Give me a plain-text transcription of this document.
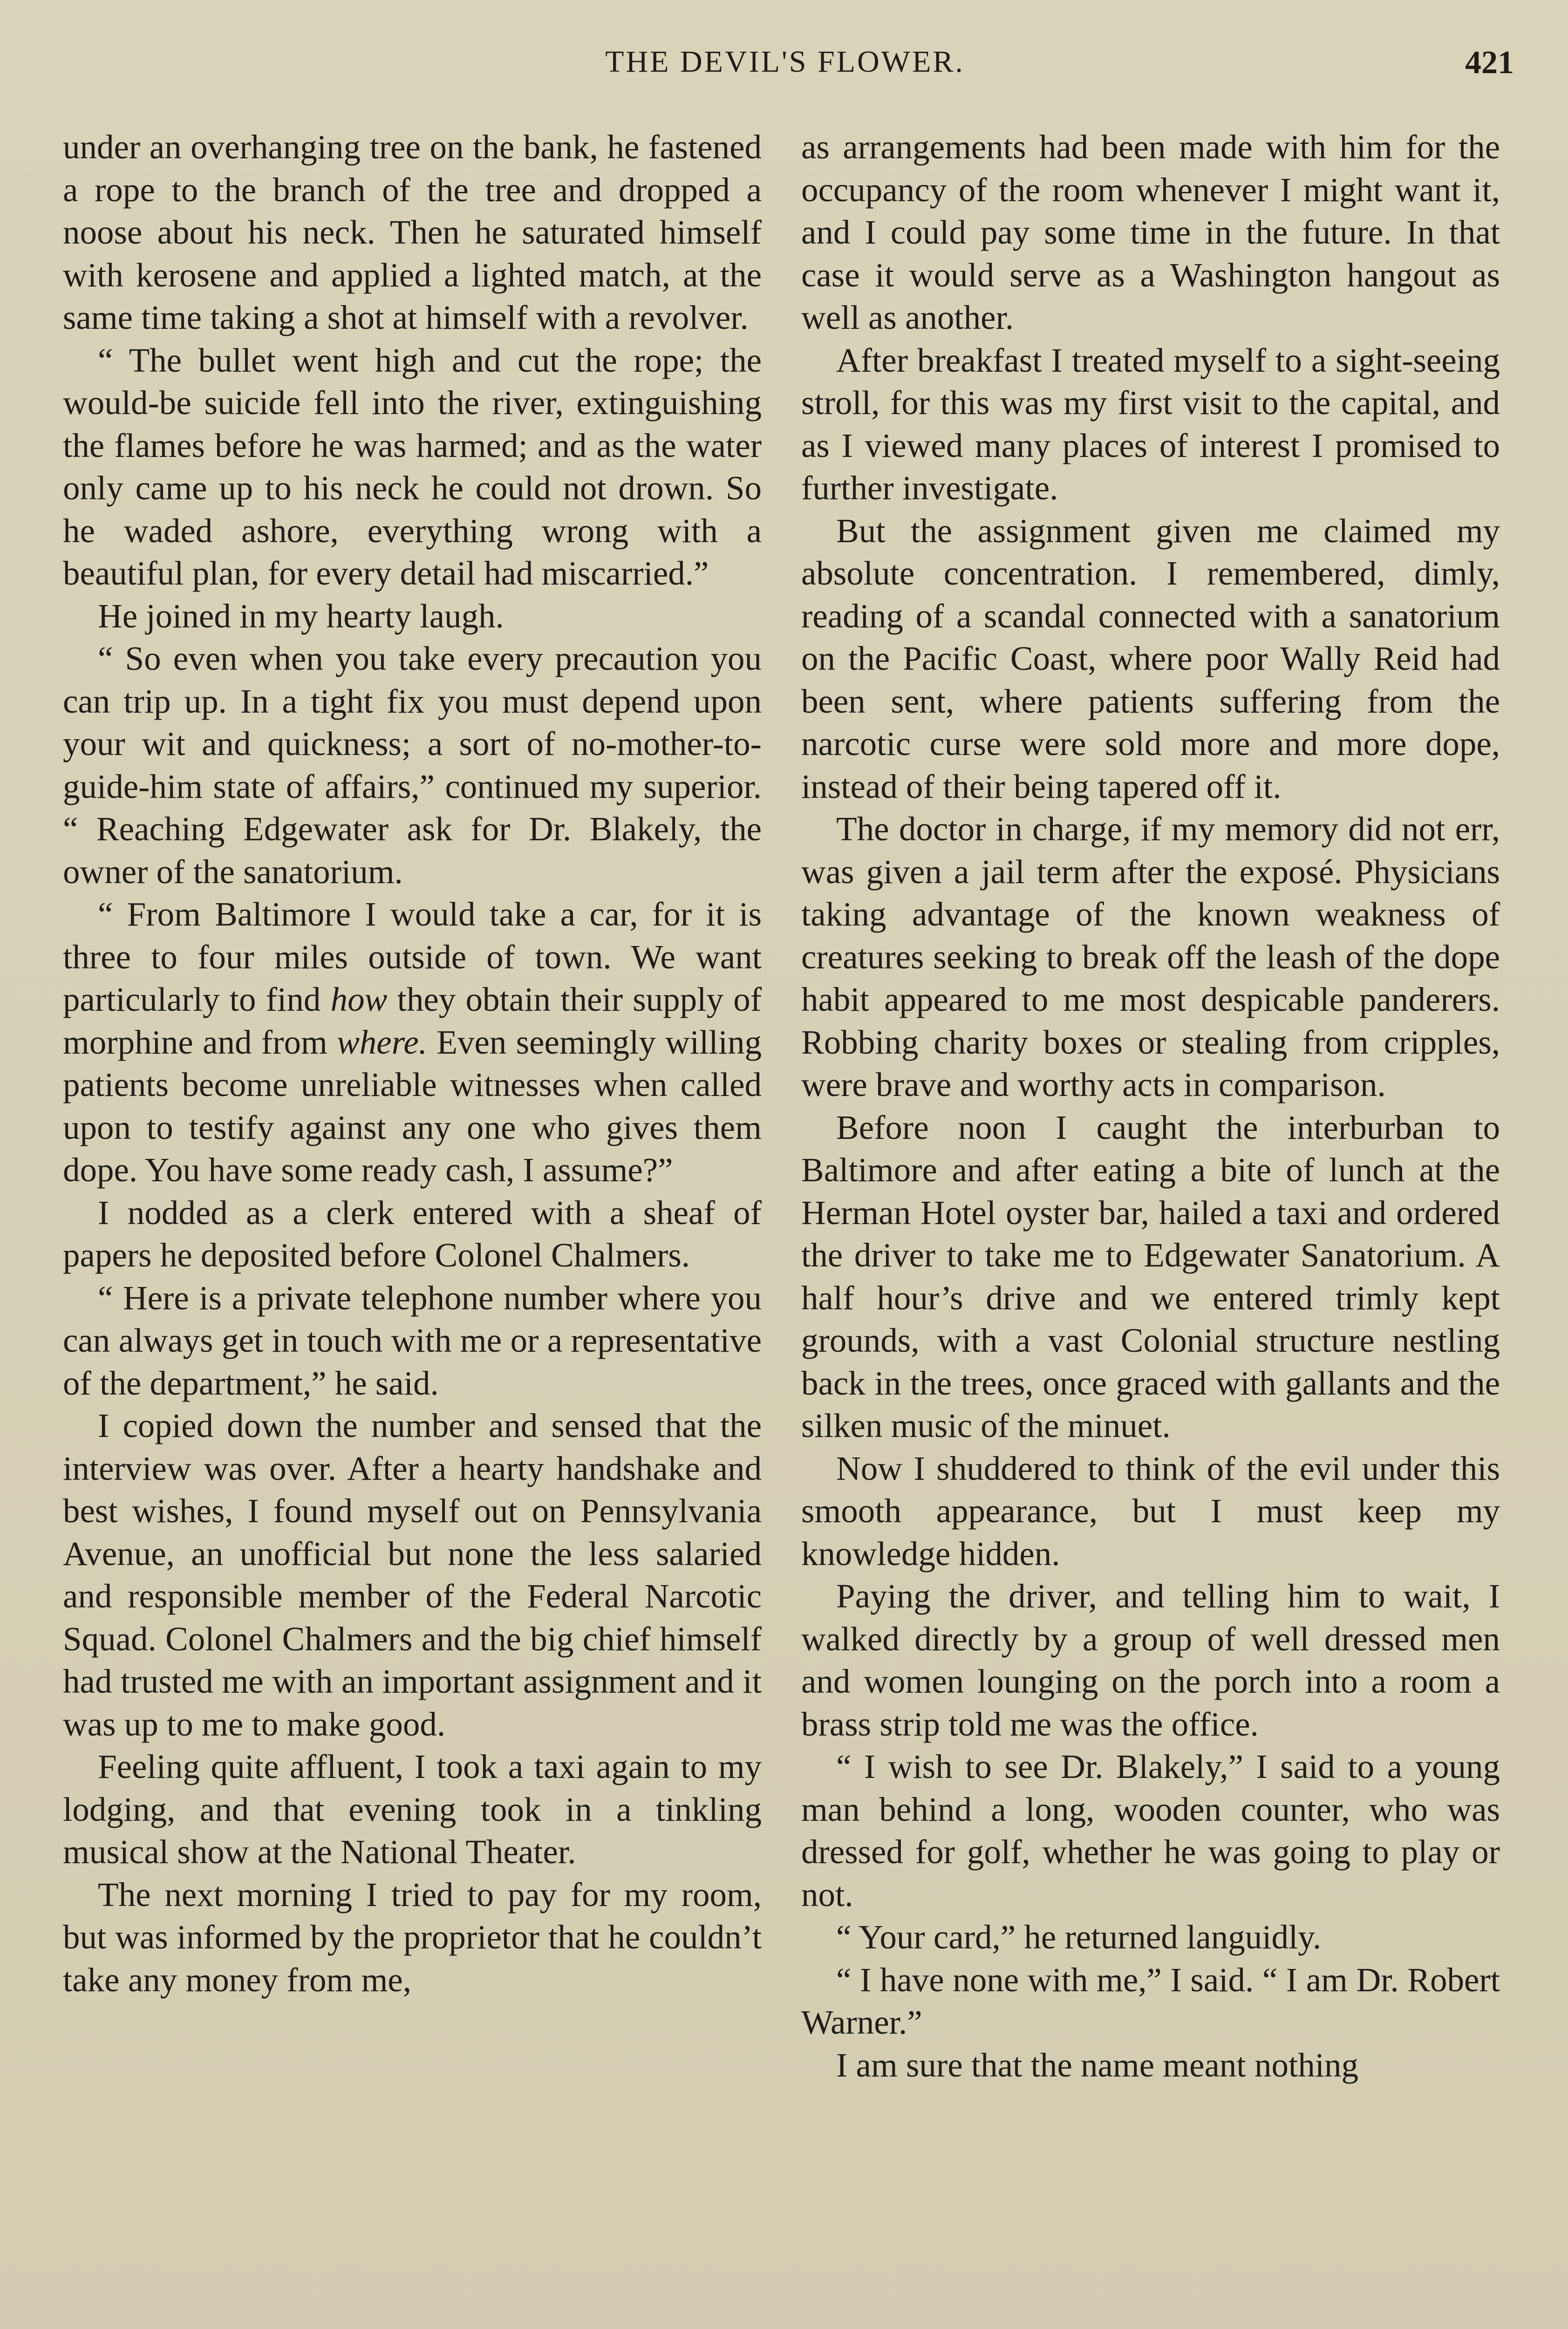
THE DEVIL'S FLOWER.	421

under an overhanging tree on the bank, he fastened a rope to the branch of the tree and dropped a noose about his neck. Then he saturated himself with kerosene and applied a lighted match, at the same time taking a shot at himself with a revolver.

“ The bullet went high and cut the rope; the would-be suicide fell into the river, extinguishing the flames before he was harmed; and as the water only came up to his neck he could not drown. So he waded ashore, everything wrong with a beautiful plan, for every detail had miscarried.”

He joined in my hearty laugh.

“ So even when you take every precaution you can trip up. In a tight fix you must depend upon your wit and quickness; a sort of no-mother-to-guide-him state of affairs,” continued my superior. “ Reaching Edgewater ask for Dr. Blakely, the owner of the sanatorium.

“ From Baltimore I would take a car, for it is three to four miles outside of town. We want particularly to find how they obtain their supply of morphine and from where. Even seemingly willing patients become unreliable witnesses when called upon to testify against any one who gives them dope. You have some ready cash, I assume?”

I nodded as a clerk entered with a sheaf of papers he deposited before Colonel Chalmers.

“ Here is a private telephone number where you can always get in touch with me or a representative of the department,” he said.

I copied down the number and sensed that the interview was over. After a hearty handshake and best wishes, I found myself out on Pennsylvania Avenue, an unofficial but none the less salaried and responsible member of the Federal Narcotic Squad. Colonel Chalmers and the big chief himself had trusted me with an important assignment and it was up to me to make good.

Feeling quite affluent, I took a taxi again to my lodging, and that evening took in a tinkling musical show at the National Theater.

The next morning I tried to pay for my room, but was informed by the proprietor that he couldn’t take any money from me,

as arrangements had been made with him for the occupancy of the room whenever I might want it, and I could pay some time in the future. In that case it would serve as a Washington hangout as well as another.

After breakfast I treated myself to a sight-seeing stroll, for this was my first visit to the capital, and as I viewed many places of interest I promised to further investigate.

But the assignment given me claimed my absolute concentration. I remembered, dimly, reading of a scandal connected with a sanatorium on the Pacific Coast, where poor Wally Reid had been sent, where patients suffering from the narcotic curse were sold more and more dope, instead of their being tapered off it.

The doctor in charge, if my memory did not err, was given a jail term after the exposé. Physicians taking advantage of the known weakness of creatures seeking to break off the leash of the dope habit appeared to me most despicable panderers. Robbing charity boxes or stealing from cripples, were brave and worthy acts in comparison.

Before noon I caught the interburban to Baltimore and after eating a bite of lunch at the Herman Hotel oyster bar, hailed a taxi and ordered the driver to take me to Edgewater Sanatorium. A half hour’s drive and we entered trimly kept grounds, with a vast Colonial structure nestling back in the trees, once graced with gallants and the silken music of the minuet.

Now I shuddered to think of the evil under this smooth appearance, but I must keep my knowledge hidden.

Paying the driver, and telling him to wait, I walked directly by a group of well dressed men and women lounging on the porch into a room a brass strip told me was the office.

“ I wish to see Dr. Blakely,” I said to a young man behind a long, wooden counter, who was dressed for golf, whether he was going to play or not.

“ Your card,” he returned languidly.

“ I have none with me,” I said. “ I am Dr. Robert Warner.”

I am sure that the name meant nothing
